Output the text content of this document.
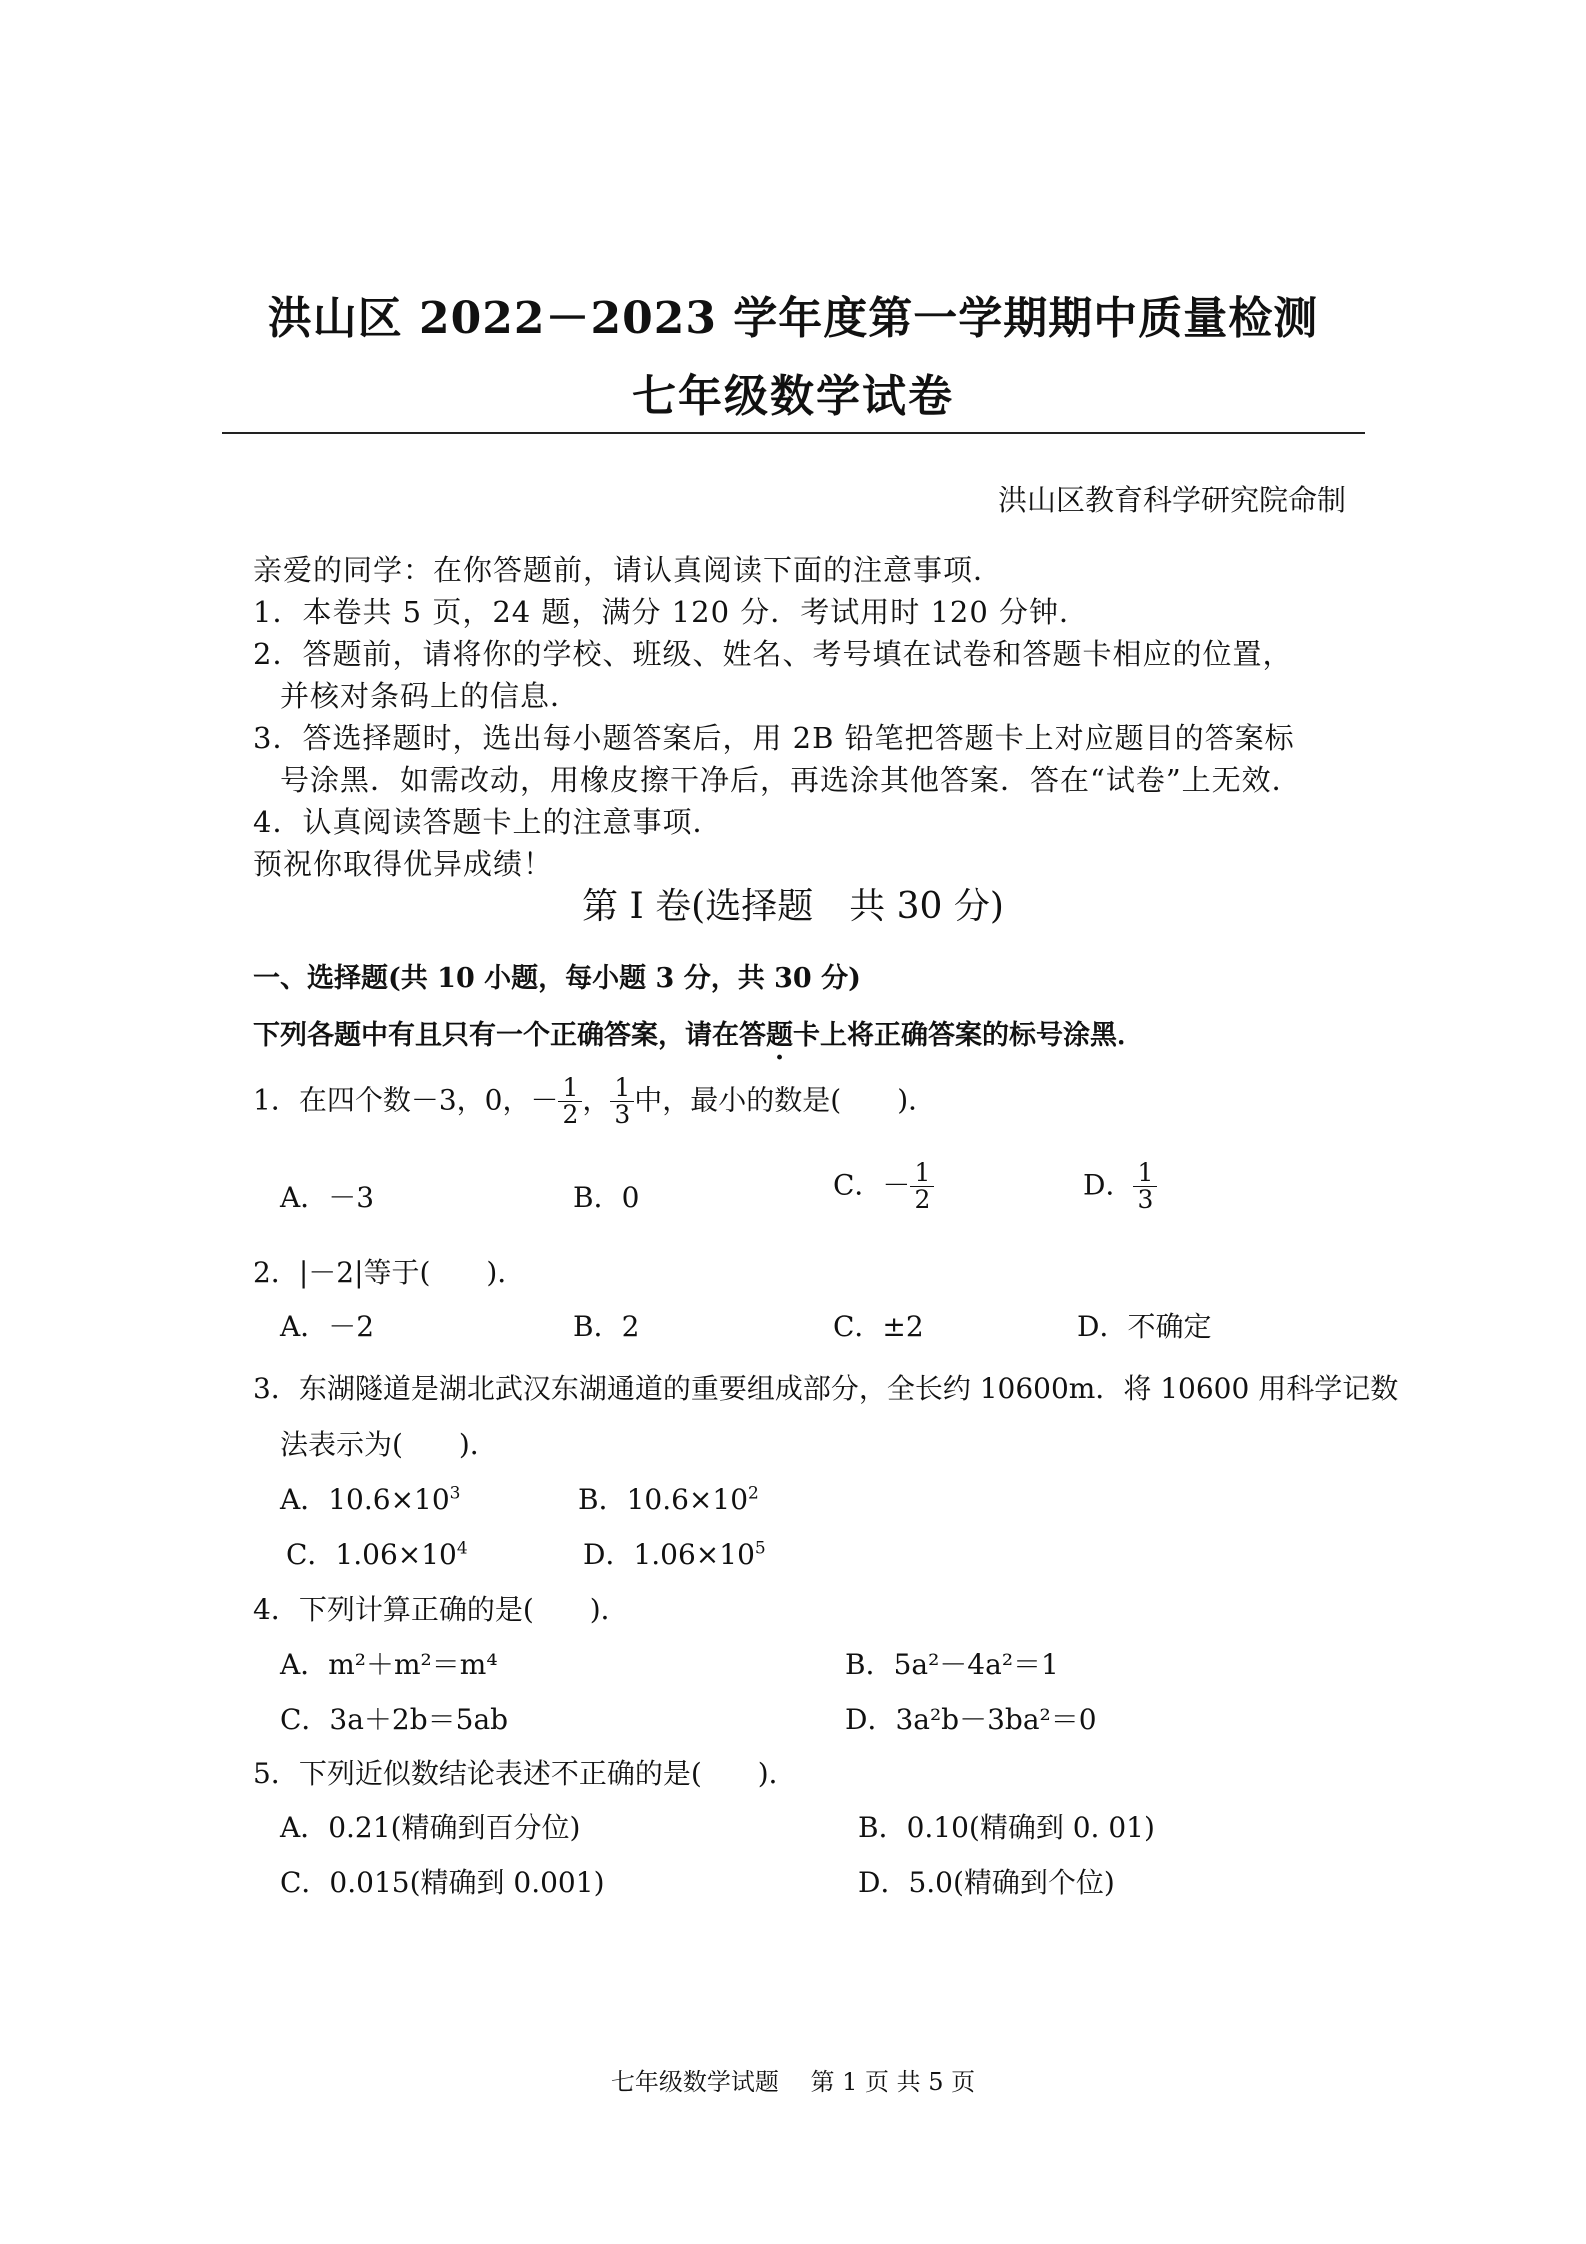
洪山区 2022－2023 学年度第一学期期中质量检测
七年级数学试卷
洪山区教育科学研究院命制
亲爱的同学：在你答题前，请认真阅读下面的注意事项．
1．本卷共 5 页，24 题，满分 120 分．考试用时 120 分钟．
2．答题前，请将你的学校、班级、姓名、考号填在试卷和答题卡相应的位置，
并核对条码上的信息．
3．答选择题时，选出每小题答案后，用 2B 铅笔把答题卡上对应题目的答案标
号涂黑．如需改动，用橡皮擦干净后，再选涂其他答案．答在“试卷”上无效．
4．认真阅读答题卡上的注意事项．
预祝你取得优异成绩！
第 I 卷(选择题　共 30 分)
一、选择题(共 10 小题，每小题 3 分，共 30 分)
下列各题中有且只有一个正确答案，请在答题卡上将正确答案的标号涂黑．
1．在四个数－3，0，－ $\frac{1}{2}$ ， $\frac{1}{3}$ 中，最小的数是(　　)．
A．－3	B．0	C．－ $\frac{1}{2}$	D． $\frac{1}{3}$
2．|－2|等于(　　)．
A．－2	B．2	C．±2	D．不确定
3．东湖隧道是湖北武汉东湖通道的重要组成部分，全长约 10600m．将 10600 用科学记数
法表示为(　　)．
A．$10.6\times 10^3$	B．$10.6\times 10^2$
C．$1.06\times 10^4$	D．$1.06\times 10^5$
4．下列计算正确的是(　　)．
A．m²＋m²＝m⁴	B．5a²－4a²＝1
C．3a＋2b＝5ab	D．3a²b－3ba²＝0
5．下列近似数结论表述不正确的是(　　)．
A．0.21(精确到百分位)	B．0.10(精确到 0. 01)
C．0.015(精确到 0.001)	D．5.0(精确到个位)
七年级数学试题　 第 1 页 共 5 页
